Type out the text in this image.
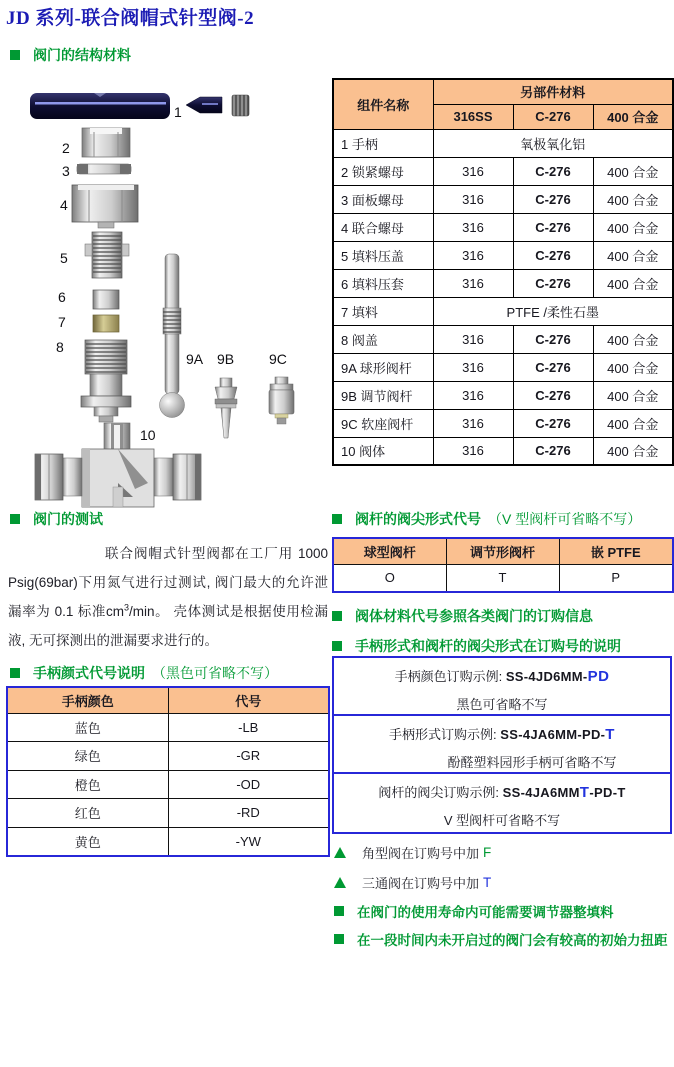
JD 系列-联合阀帽式针型阀-2
阀门的结构材料
1
2
3
4
5
6
7
8
9A 9B 9C
10
组件名称	另部件材料		
	316SS	C-276	400 合金
1 手柄	氧极氧化铝		
2 锁紧螺母	316	C-276	400 合金
3 面板螺母	316	C-276	400 合金
4 联合螺母	316	C-276	400 合金
5 填料压盖	316	C-276	400 合金
6 填料压套	316	C-276	400 合金
7 填料	PTFE /柔性石墨		
8 阀盖	316	C-276	400 合金
9A 球形阀杆	316	C-276	400 合金
9B 调节阀杆	316	C-276	400 合金
9C 软座阀杆	316	C-276	400 合金
10 阀体	316	C-276	400 合金
阀门的测试

联合阀帽式针型阀都在工厂用 1000 Psig(69bar)下用氮气进行过测试, 阀门最大的允许泄漏率为 0.1 标准$cm^3/\min$。 壳体测试是根据使用检漏液, 无可探测出的泄漏要求进行的。

手柄颜式代号说明 （黑色可省略不写）
手柄颜色	代号
蓝色	-LB
绿色	-GR
橙色	-OD
红色	-RD
黄色	-YW
阀杆的阀尖形式代号 （V 型阀杆可省略不写）
球型阀杆	调节形阀杆	嵌 PTFE
O	T	P
阀体材料代号参照各类阀门的订购信息
手柄形式和阀杆的阀尖形式在订购号的说明
手柄颜色订购示例: SS-4JD6MM-PD
黑色可省略不写
手柄形式订购示例: SS-4JA6MM-PD-T
酚醛塑料园形手柄可省略不写
阀杆的阀尖订购示例: SS-4JA6MMT-PD-T
V 型阀杆可省略不写
角型阀在订购号中加 F
三通阀在订购号中加 T
在阀门的使用寿命内可能需要调节器整填料
在一段时间内未开启过的阀门会有较高的初始力扭距
